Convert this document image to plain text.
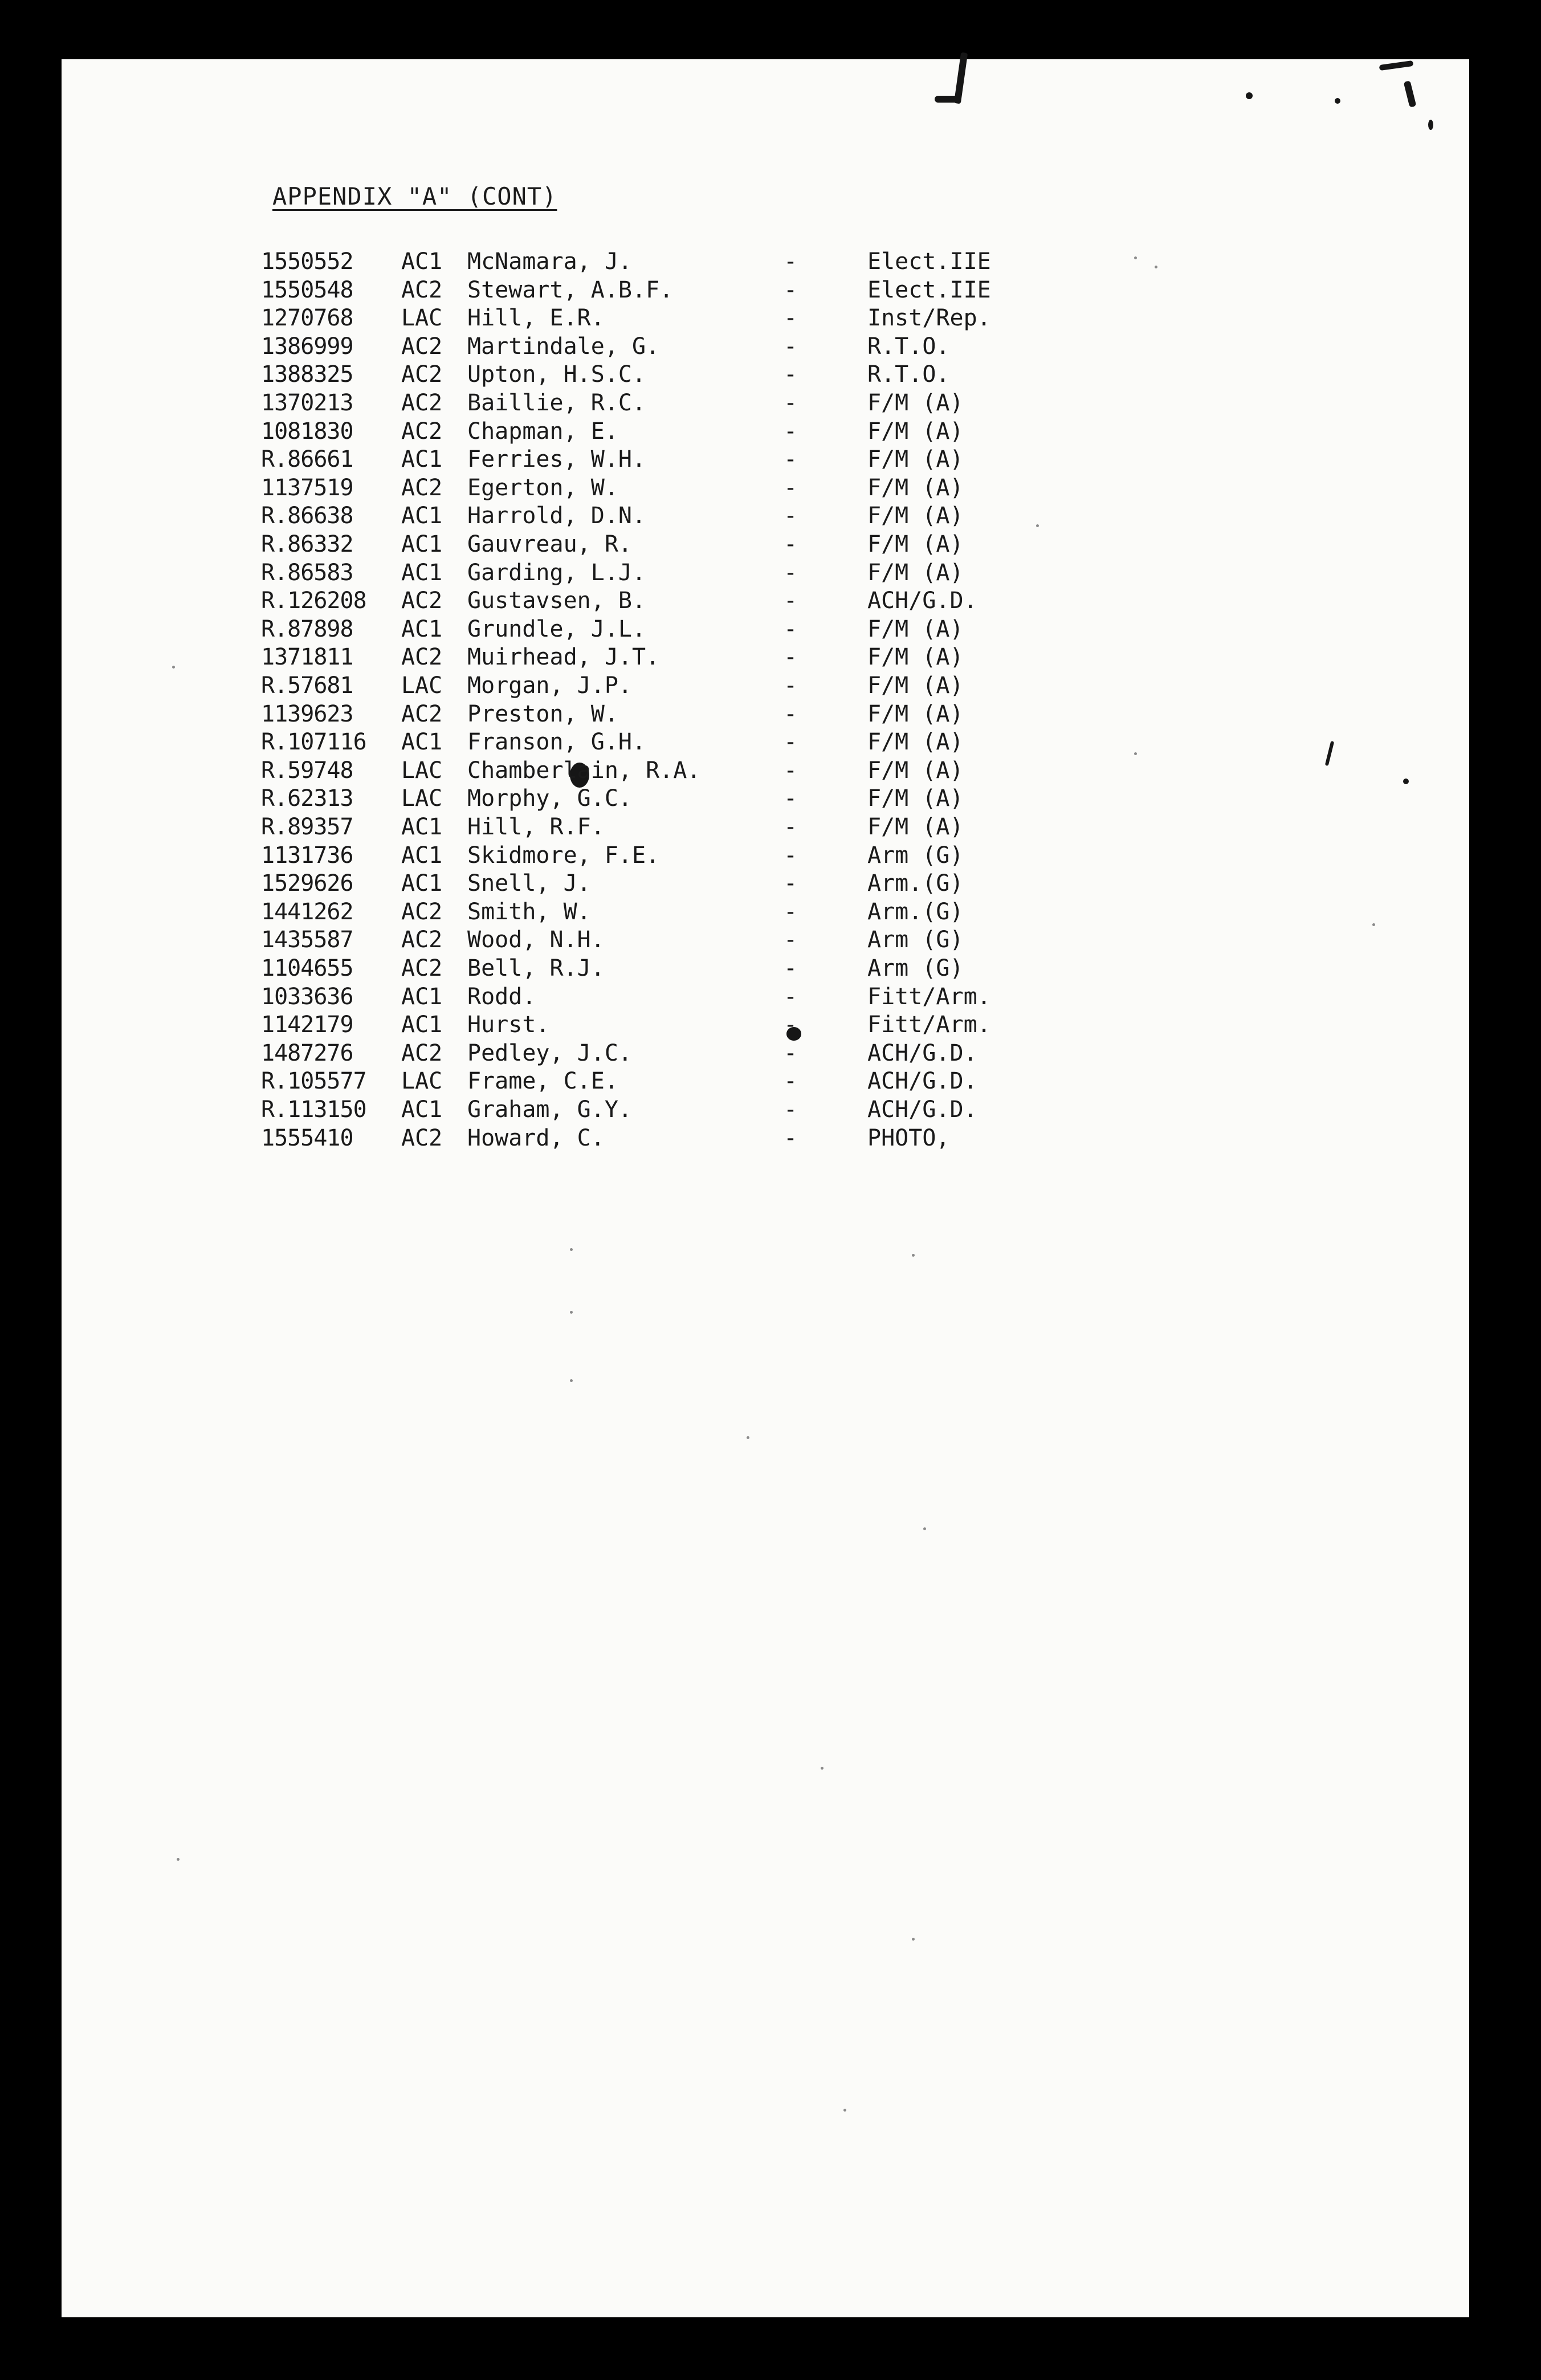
APPENDIX "A" (CONT)
1550552 AC1 McNamara, J.	-	Elect.IIE
1550548 AC2 Stewart, A.B.F.	-	Elect.IIE
1270768 LAC Hill, E.R.	-	Inst/Rep.
1386999 AC2 Martindale, G.	-	R.T.O.
1388325 AC2 Upton, H.S.C.	-	R.T.O.
1370213 AC2 Baillie, R.C.	-	F/M (A)
1081830 AC2 Chapman, E.	-	F/M (A)
R.86661 AC1 Ferries, W.H.	-	F/M (A)
1137519 AC2 Egerton, W.	-	F/M (A)
R.86638 AC1 Harrold, D.N.	-	F/M (A)
R.86332 AC1 Gauvreau, R.	-	F/M (A)
R.86583 AC1 Garding, L.J.	-	F/M (A)
R.126208 AC2 Gustavsen, B.	-	ACH/G.D.
R.87898 AC1 Grundle, J.L.	-	F/M (A)
1371811 AC2 Muirhead, J.T.	-	F/M (A)
R.57681 LAC Morgan, J.P.	-	F/M (A)
1139623 AC2 Preston, W.	-	F/M (A)
R.107116 AC1 Franson, G.H.	-	F/M (A)
R.59748 LAC Chamberlain, R.A.	-	F/M (A)
R.62313 LAC Morphy, G.C.	-	F/M (A)
R.89357 AC1 Hill, R.F.	-	F/M (A)
1131736 AC1 Skidmore, F.E.	-	Arm (G)
1529626 AC1 Snell, J.	-	Arm.(G)
1441262 AC2 Smith, W.	-	Arm.(G)
1435587 AC2 Wood, N.H.	-	Arm (G)
1104655 AC2 Bell, R.J.	-	Arm (G)
1033636 AC1 Rodd.	-	Fitt/Arm.
1142179 AC1 Hurst.	-	Fitt/Arm.
1487276 AC2 Pedley, J.C.	-	ACH/G.D.
R.105577 LAC Frame, C.E.	-	ACH/G.D.
R.113150 AC1 Graham, G.Y.	-	ACH/G.D.
1555410 AC2 Howard, C.	-	PHOTO,
